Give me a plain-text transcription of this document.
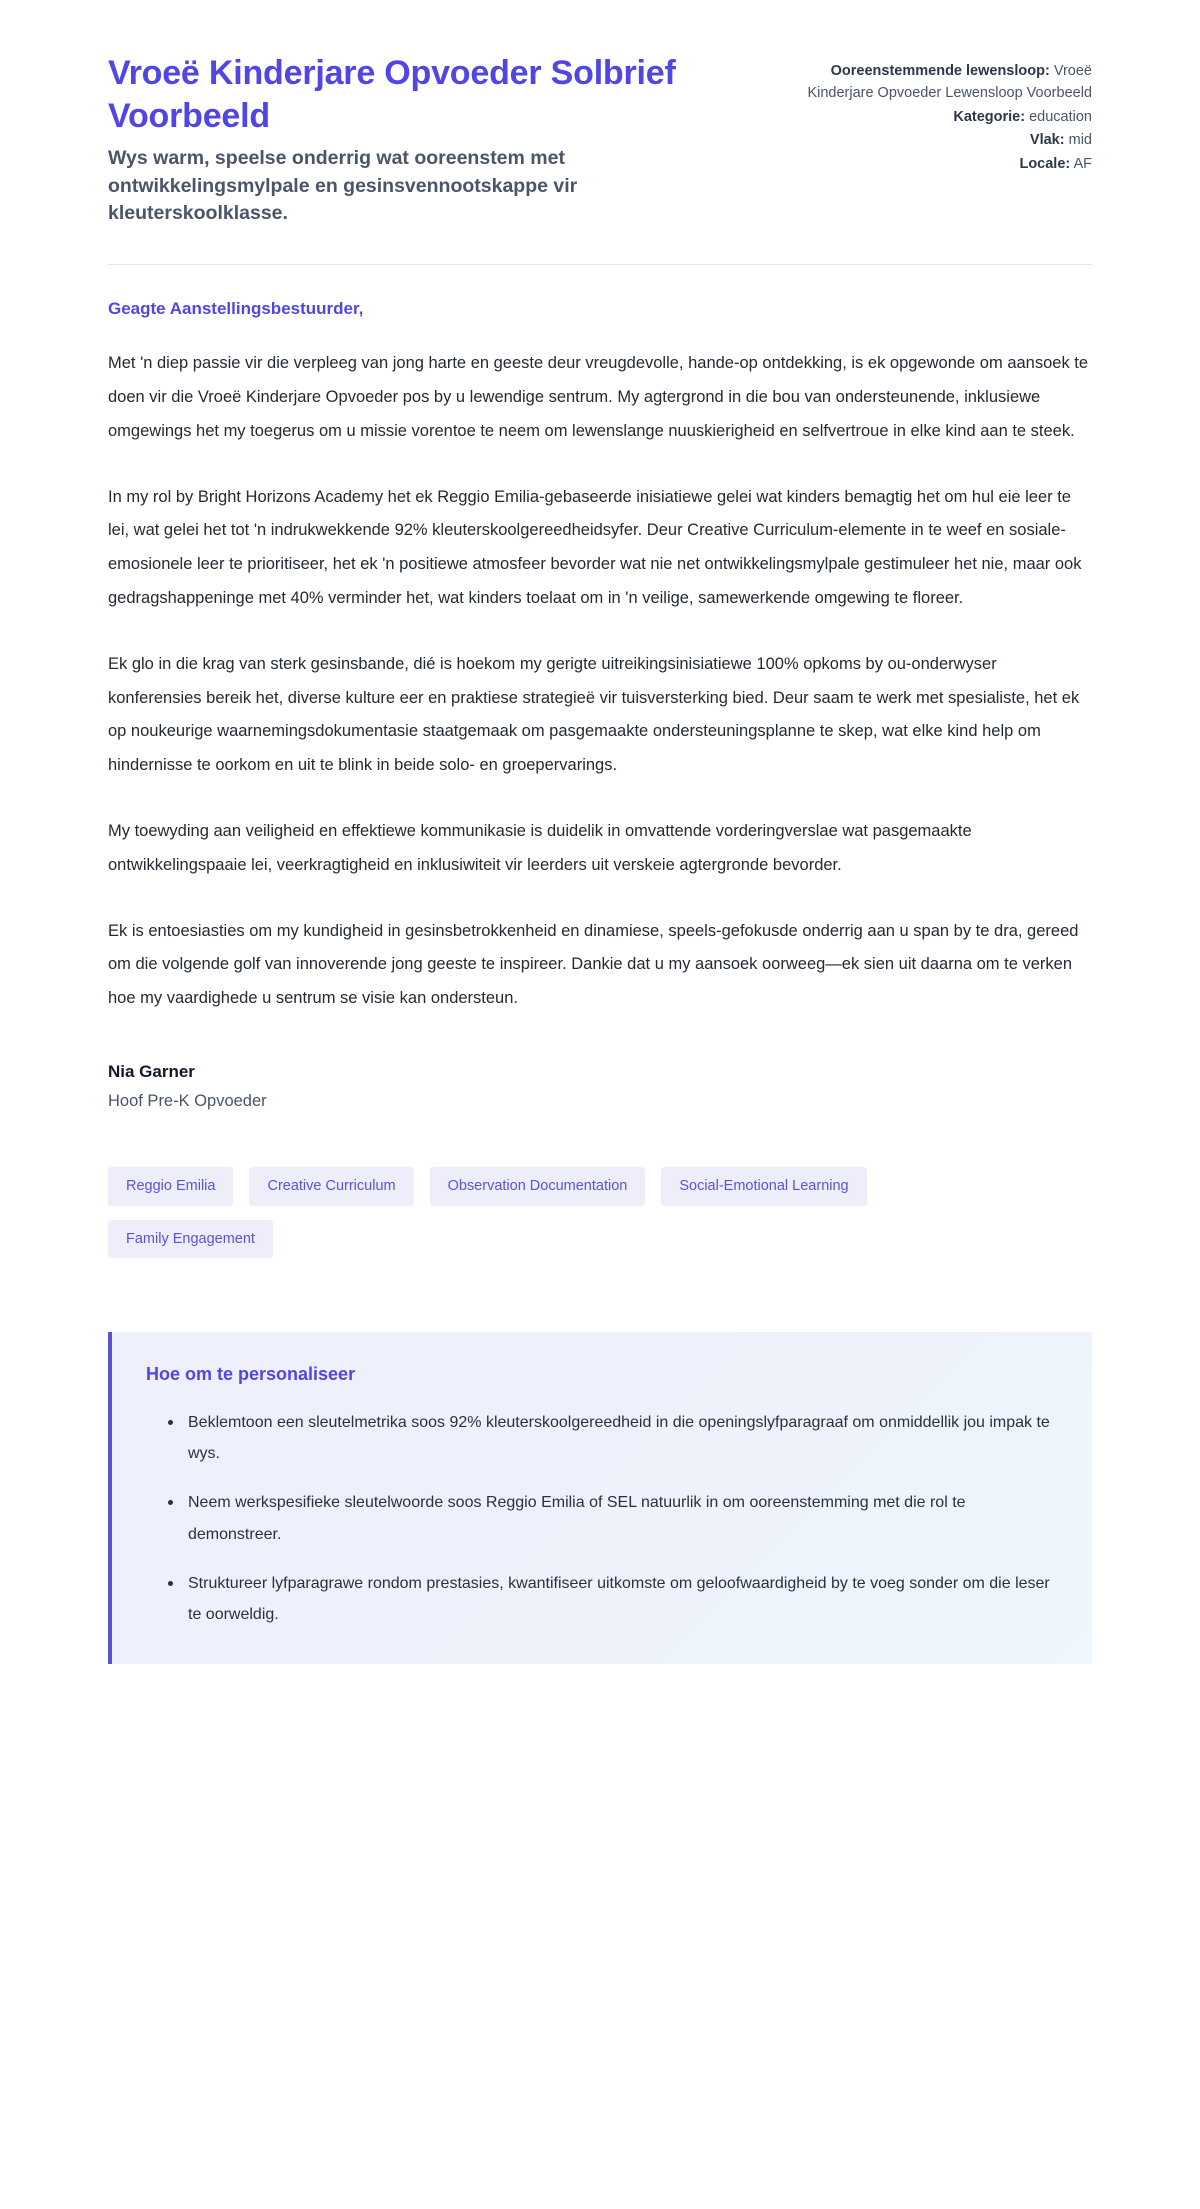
Vroeë Kinderjare Opvoeder Solbrief Voorbeeld

Wys warm, speelse onderrig wat ooreenstem met ontwikkelingsmylpale en gesinsvennootskappe vir kleuterskoolklasse.

Ooreenstemmende lewensloop: Vroeë Kinderjare Opvoeder Lewensloop Voorbeeld
Kategorie: education
Vlak: mid
Locale: AF

Geagte Aanstellingsbestuurder,

Met 'n diep passie vir die verpleeg van jong harte en geeste deur vreugdevolle, hande-op ontdekking, is ek opgewonde om aansoek te doen vir die Vroeë Kinderjare Opvoeder pos by u lewendige sentrum. My agtergrond in die bou van ondersteunende, inklusiewe omgewings het my toegerus om u missie vorentoe te neem om lewenslange nuuskierigheid en selfvertroue in elke kind aan te steek.

In my rol by Bright Horizons Academy het ek Reggio Emilia-gebaseerde inisiatiewe gelei wat kinders bemagtig het om hul eie leer te lei, wat gelei het tot 'n indrukwekkende 92% kleuterskoolgereedheidsyfer. Deur Creative Curriculum-elemente in te weef en sosiale-emosionele leer te prioritiseer, het ek 'n positiewe atmosfeer bevorder wat nie net ontwikkelingsmylpale gestimuleer het nie, maar ook gedragshappeninge met 40% verminder het, wat kinders toelaat om in 'n veilige, samewerkende omgewing te floreer.

Ek glo in die krag van sterk gesinsbande, dié is hoekom my gerigte uitreikingsinisiatiewe 100% opkoms by ou-onderwyser konferensies bereik het, diverse kulture eer en praktiese strategieë vir tuisversterking bied. Deur saam te werk met spesialiste, het ek op noukeurige waarnemingsdokumentasie staatgemaak om pasgemaakte ondersteuningsplanne te skep, wat elke kind help om hindernisse te oorkom en uit te blink in beide solo- en groepervarings.

My toewyding aan veiligheid en effektiewe kommunikasie is duidelik in omvattende vorderingverslae wat pasgemaakte ontwikkelingspaaie lei, veerkragtigheid en inklusiwiteit vir leerders uit verskeie agtergronde bevorder.

Ek is entoesiasties om my kundigheid in gesinsbetrokkenheid en dinamiese, speels-gefokusde onderrig aan u span by te dra, gereed om die volgende golf van innoverende jong geeste te inspireer. Dankie dat u my aansoek oorweeg—ek sien uit daarna om te verken hoe my vaardighede u sentrum se visie kan ondersteun.

Nia Garner

Hoof Pre-K Opvoeder

Reggio Emilia	Creative Curriculum	Observation Documentation	Social-Emotional Learning
Family Engagement
Hoe om te personaliseer
Beklemtoon een sleutelmetrika soos 92% kleuterskoolgereedheid in die openingslyfparagraaf om onmiddellik jou impak te wys.
Neem werkspesifieke sleutelwoorde soos Reggio Emilia of SEL natuurlik in om ooreenstemming met die rol te demonstreer.
Struktureer lyfparagrawe rondom prestasies, kwantifiseer uitkomste om geloofwaardigheid by te voeg sonder om die leser te oorweldig.
